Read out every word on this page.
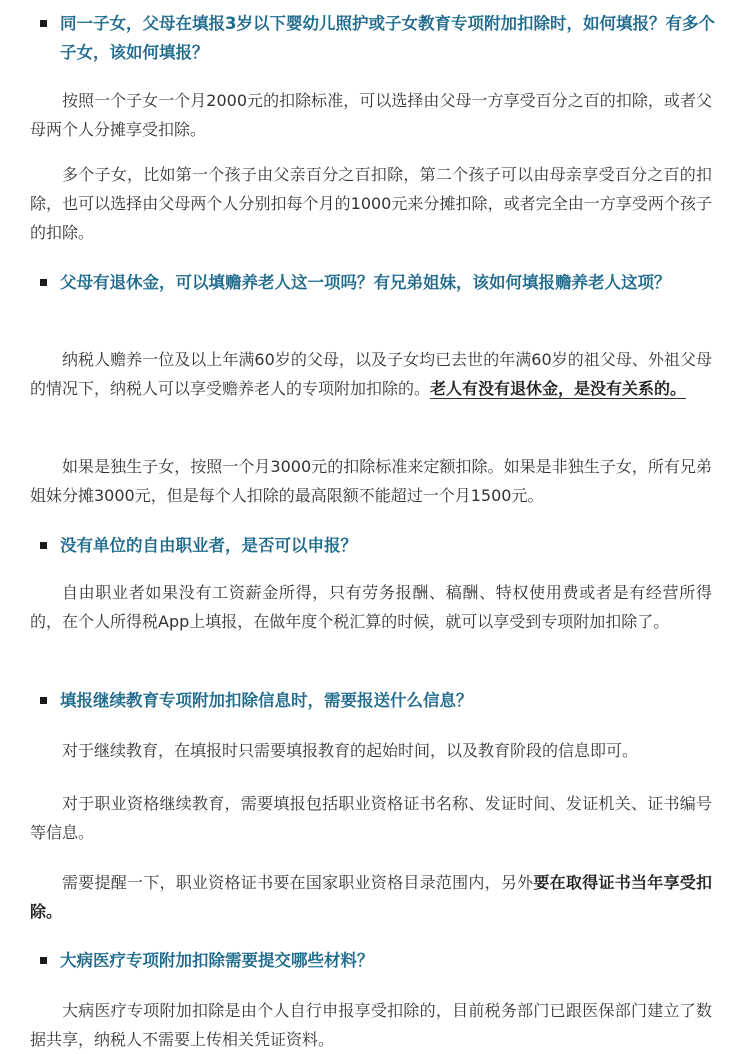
同一子女，父母在填报3岁以下婴幼儿照护或子女教育专项附加扣除时，如何填报？有多个子女，该如何填报？
按照一个子女一个月2000元的扣除标准，可以选择由父母一方享受百分之百的扣除，或者父母两个人分摊享受扣除。
多个子女，比如第一个孩子由父亲百分之百扣除，第二个孩子可以由母亲享受百分之百的扣除，也可以选择由父母两个人分别扣每个月的1000元来分摊扣除，或者完全由一方享受两个孩子的扣除。
父母有退休金，可以填赡养老人这一项吗？有兄弟姐妹，该如何填报赡养老人这项？
纳税人赡养一位及以上年满60岁的父母，以及子女均已去世的年满60岁的祖父母、外祖父母的情况下，纳税人可以享受赡养老人的专项附加扣除的。老人有没有退休金，是没有关系的。
如果是独生子女，按照一个月3000元的扣除标准来定额扣除。如果是非独生子女，所有兄弟姐妹分摊3000元，但是每个人扣除的最高限额不能超过一个月1500元。
没有单位的自由职业者，是否可以申报？
自由职业者如果没有工资薪金所得，只有劳务报酬、稿酬、特权使用费或者是有经营所得的，在个人所得税App上填报，在做年度个税汇算的时候，就可以享受到专项附加扣除了。
填报继续教育专项附加扣除信息时，需要报送什么信息？
对于继续教育，在填报时只需要填报教育的起始时间，以及教育阶段的信息即可。
对于职业资格继续教育，需要填报包括职业资格证书名称、发证时间、发证机关、证书编号等信息。
需要提醒一下，职业资格证书要在国家职业资格目录范围内，另外要在取得证书当年享受扣除。
大病医疗专项附加扣除需要提交哪些材料？
大病医疗专项附加扣除是由个人自行申报享受扣除的，目前税务部门已跟医保部门建立了数据共享，纳税人不需要上传相关凭证资料。
